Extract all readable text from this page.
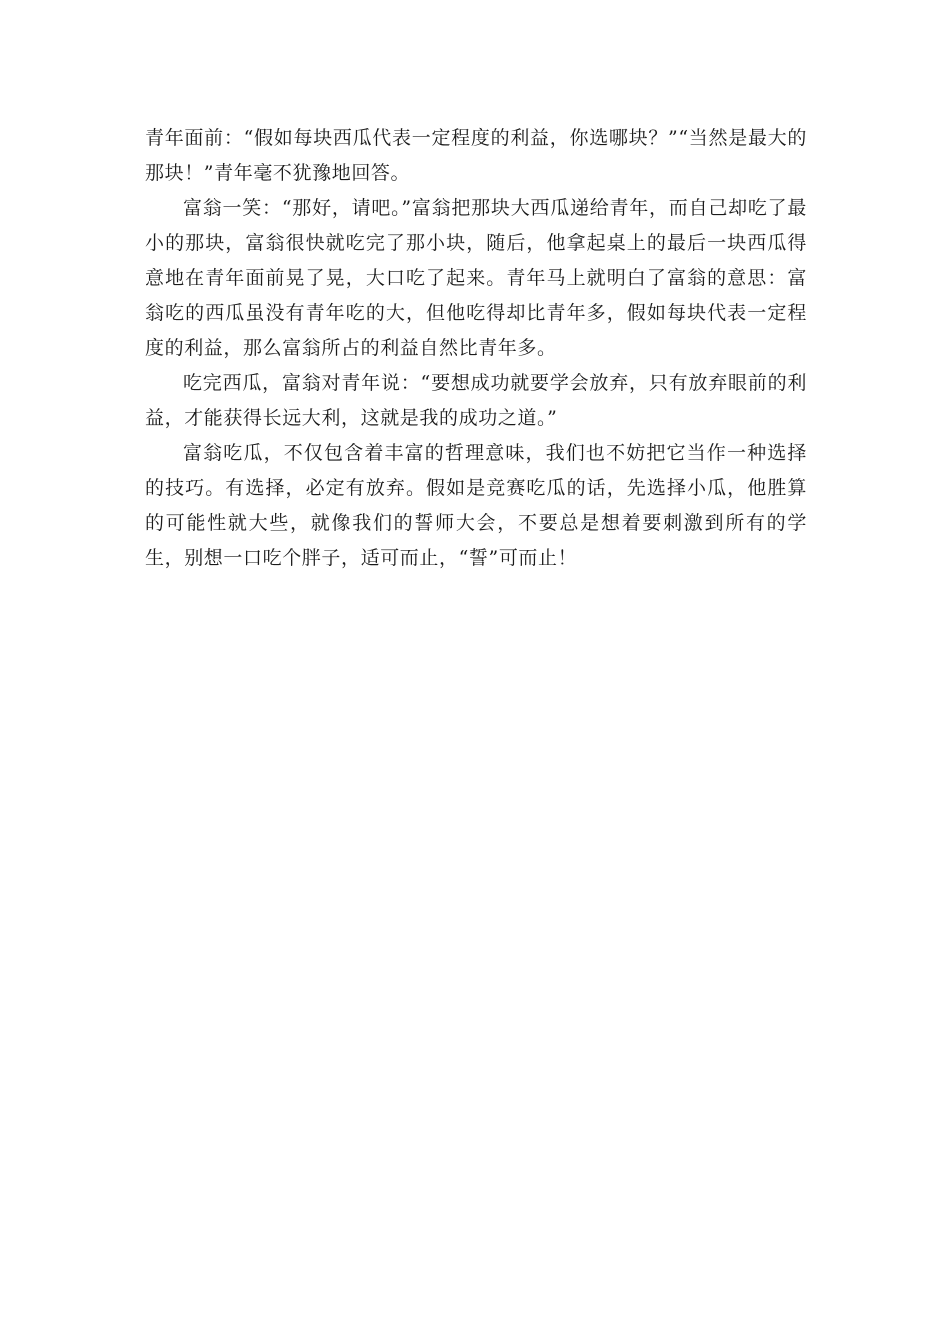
青年面前：“假如每块西瓜代表一定程度的利益，你选哪块？”“当然是最大的那块！”青年毫不犹豫地回答。

富翁一笑：“那好，请吧。”富翁把那块大西瓜递给青年，而自己却吃了最小的那块，富翁很快就吃完了那小块，随后，他拿起桌上的最后一块西瓜得意地在青年面前晃了晃，大口吃了起来。青年马上就明白了富翁的意思：富翁吃的西瓜虽没有青年吃的大，但他吃得却比青年多，假如每块代表一定程度的利益，那么富翁所占的利益自然比青年多。

吃完西瓜，富翁对青年说：“要想成功就要学会放弃，只有放弃眼前的利益，才能获得长远大利，这就是我的成功之道。”

富翁吃瓜，不仅包含着丰富的哲理意味，我们也不妨把它当作一种选择的技巧。有选择，必定有放弃。假如是竞赛吃瓜的话，先选择小瓜，他胜算的可能性就大些，就像我们的誓师大会，不要总是想着要刺激到所有的学生，别想一口吃个胖子，适可而止，“誓”可而止！
